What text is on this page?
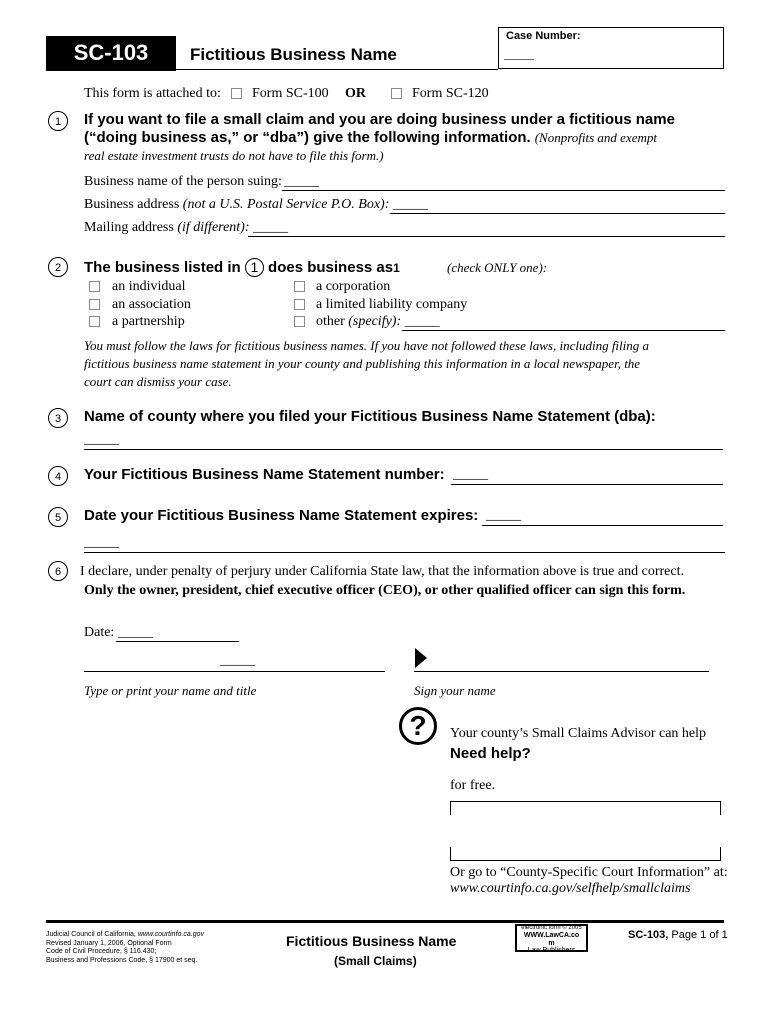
SC-103	Fictitious Business Name
Case Number:
_____
This form is attached to: Form SC-100 OR	Form SC-120
1	If you want to file a small claim and you are doing business under a fictitious name
(“doing business as,” or “dba”) give the following information. (Nonprofits and exempt
real estate investment trusts do not have to file this form.)
Business name of the person suing: _____
Business address (not a U.S. Postal Service P.O. Box): _____
Mailing address (if different): _____
2	The business listed in 1 does business as1	(check ONLY one):
an individual
an association
a partnership
a corporation
a limited liability company
other (specify): _____
You must follow the laws for fictitious business names. If you have not followed these laws, including filing a
fictitious business name statement in your county and publishing this information in a local newspaper, the
court can dismiss your case.
3	Name of county where you filed your Fictitious Business Name Statement (dba):
_____
4	Your Fictitious Business Name Statement number: _____
5	Date your Fictitious Business Name Statement expires: _____
_____
6	I declare, under penalty of perjury under California State law, that the information above is true and correct.
Only the owner, president, chief executive officer (CEO), or other qualified officer can sign this form.
Date: _____
_____
Type or print your name and title	Sign your name
?	Your county’s Small Claims Advisor can help
Need help?
for free.
Or go to “County-Specific Court Information” at:
www.courtinfo.ca.gov/selfhelp/smallclaims
Judicial Council of California, www.courtinfo.ca.gov
Revised January 1, 2006, Optional Form
Code of Civil Procedure, § 116.430;
Business and Professions Code, § 17900 et seq.
Fictitious Business Name
(Small Claims)
electronic form © 2005
WWW.LawCA.co
m
Law Publishers
SC-103, Page 1 of 1
